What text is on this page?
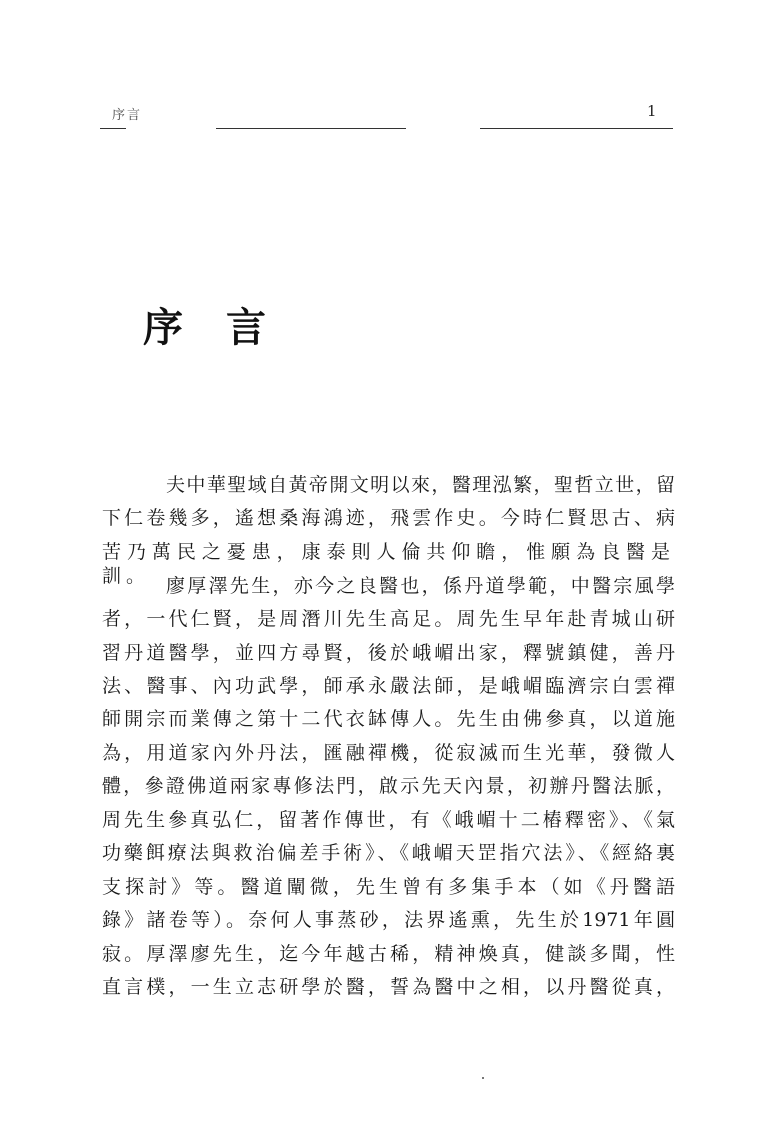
序言	1
序 言
夫中華聖域自黃帝開文明以來，醫理泓繁，聖哲立世，留
下仁卷幾多，遙想桑海鴻迹，飛雲作史。今時仁賢思古、病
苦乃萬民之憂患，康泰則人倫共仰瞻，惟願為良醫是訓。 廖厚澤先生，亦今之良醫也，係丹道學範，中醫宗風學
者，一代仁賢，是周潛川先生高足。周先生早年赴青城山研
習丹道醫學，並四方尋賢，後於峨嵋出家，釋號鎮健，善丹
法、醫事、內功武學，師承永嚴法師，是峨嵋臨濟宗白雲禪
師開宗而業傳之第十二代衣缽傳人。先生由佛參真，以道施
為，用道家內外丹法，匯融禪機，從寂滅而生光華，發微人
體，參證佛道兩家專修法門，啟示先天內景，初辦丹醫法脈，
周先生參真弘仁，留著作傳世，有《峨嵋十二樁釋密》、《氣
功藥餌療法與救治偏差手術》、《峨嵋天罡指穴法》、《經絡裏
支探討》等。醫道闡微，先生曾有多集手本（如《丹醫語
錄》諸卷等）。奈何人事蒸砂，法界遙熏，先生於1971年圓
寂。厚澤廖先生，迄今年越古稀，精神煥真，健談多聞，性
直言樸，一生立志研學於醫，誓為醫中之相，以丹醫從真，
